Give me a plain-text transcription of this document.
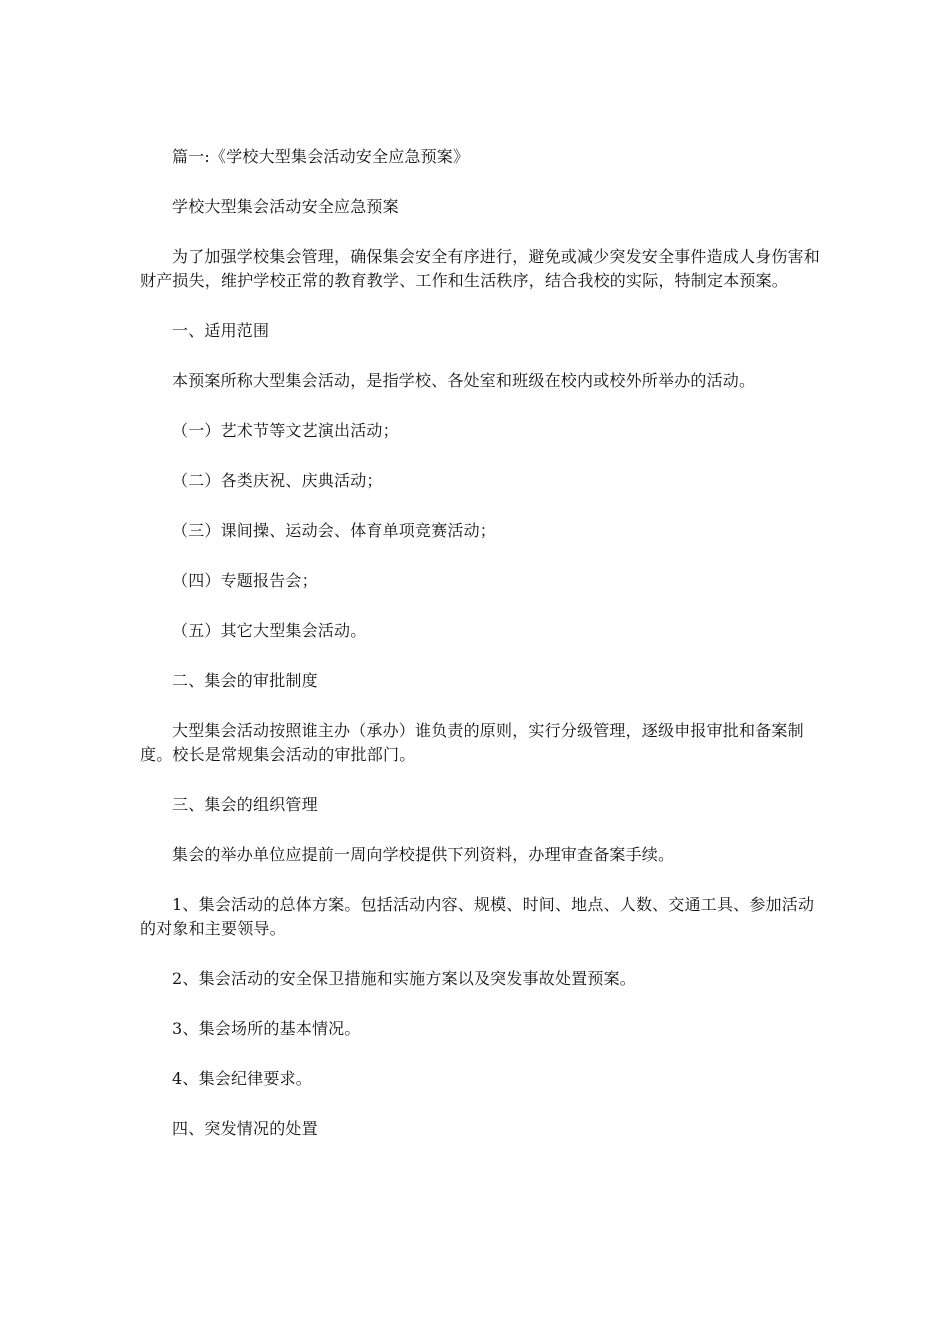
篇一:《学校大型集会活动安全应急预案》

学校大型集会活动安全应急预案

为了加强学校集会管理，确保集会安全有序进行，避免或减少突发安全事件造成人身伤害和财产损失，维护学校正常的教育教学、工作和生活秩序，结合我校的实际，特制定本预案。

一、适用范围

本预案所称大型集会活动，是指学校、各处室和班级在校内或校外所举办的活动。

（一）艺术节等文艺演出活动；

（二）各类庆祝、庆典活动；

（三）课间操、运动会、体育单项竞赛活动；

（四）专题报告会；

（五）其它大型集会活动。

二、集会的审批制度

大型集会活动按照谁主办（承办）谁负责的原则，实行分级管理，逐级申报审批和备案制度。校长是常规集会活动的审批部门。

三、集会的组织管理

集会的举办单位应提前一周向学校提供下列资料，办理审查备案手续。

1、集会活动的总体方案。包括活动内容、规模、时间、地点、人数、交通工具、参加活动的对象和主要领导。

2、集会活动的安全保卫措施和实施方案以及突发事故处置预案。

3、集会场所的基本情况。

4、集会纪律要求。

四、突发情况的处置
